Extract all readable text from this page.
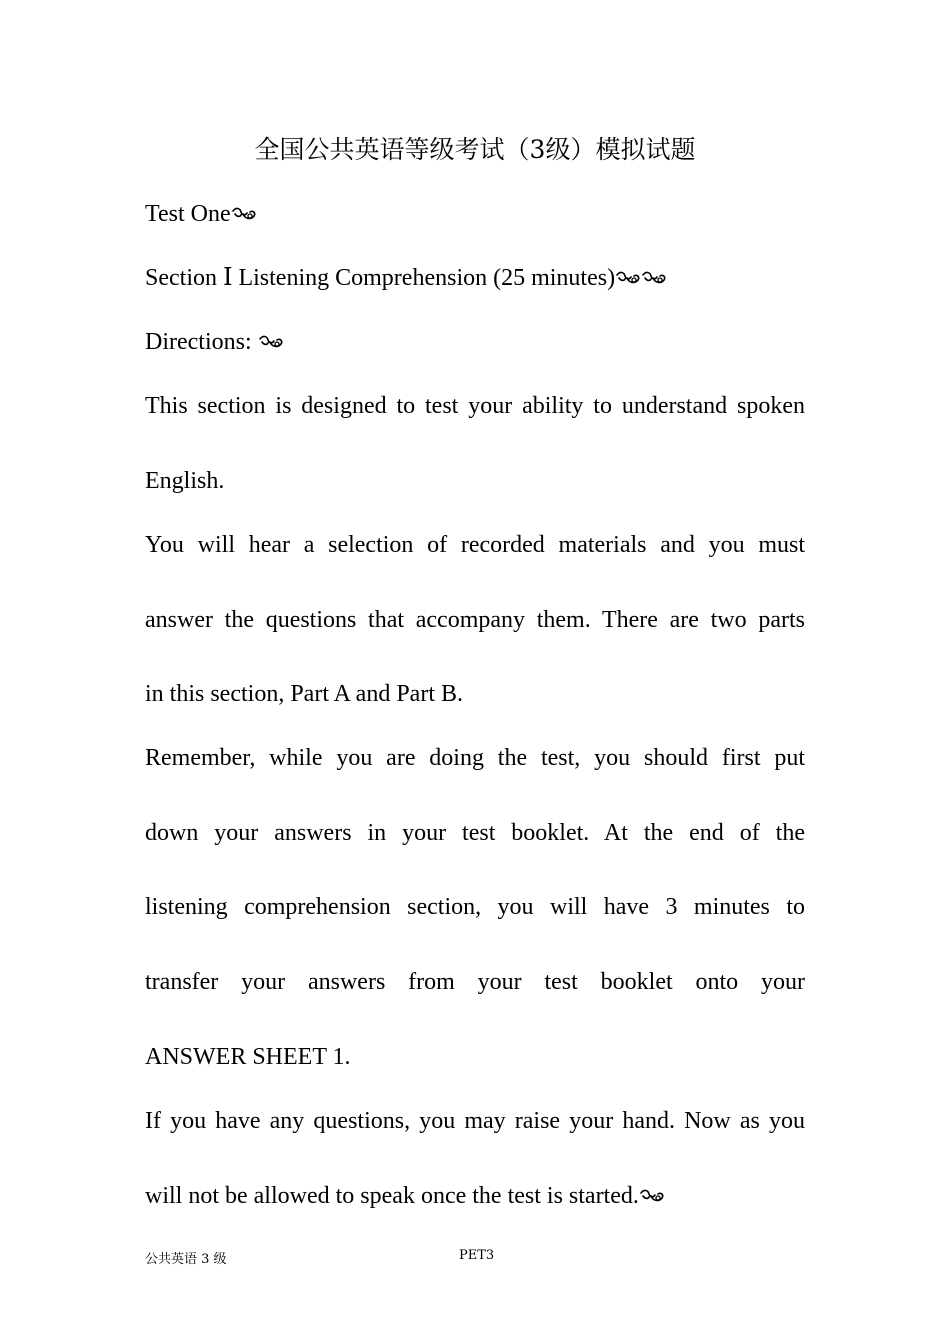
全国公共英语等级考试（3级）模拟试题
Test One
Section Ⅰ Listening Comprehension (25 minutes)
Directions:
This section is designed to test your ability to understand spoken
English.
You will hear a selection of recorded materials and you must
answer the questions that accompany them. There are two parts
in this section, Part A and Part B.
Remember, while you are doing the test, you should first put
down your answers in your test booklet. At the end of the
listening comprehension section, you will have 3 minutes to
transfer your answers from your test booklet onto your
ANSWER SHEET 1.
If you have any questions, you may raise your hand. Now as you
will not be allowed to speak once the test is started.
公共英语 3 级	PET3
